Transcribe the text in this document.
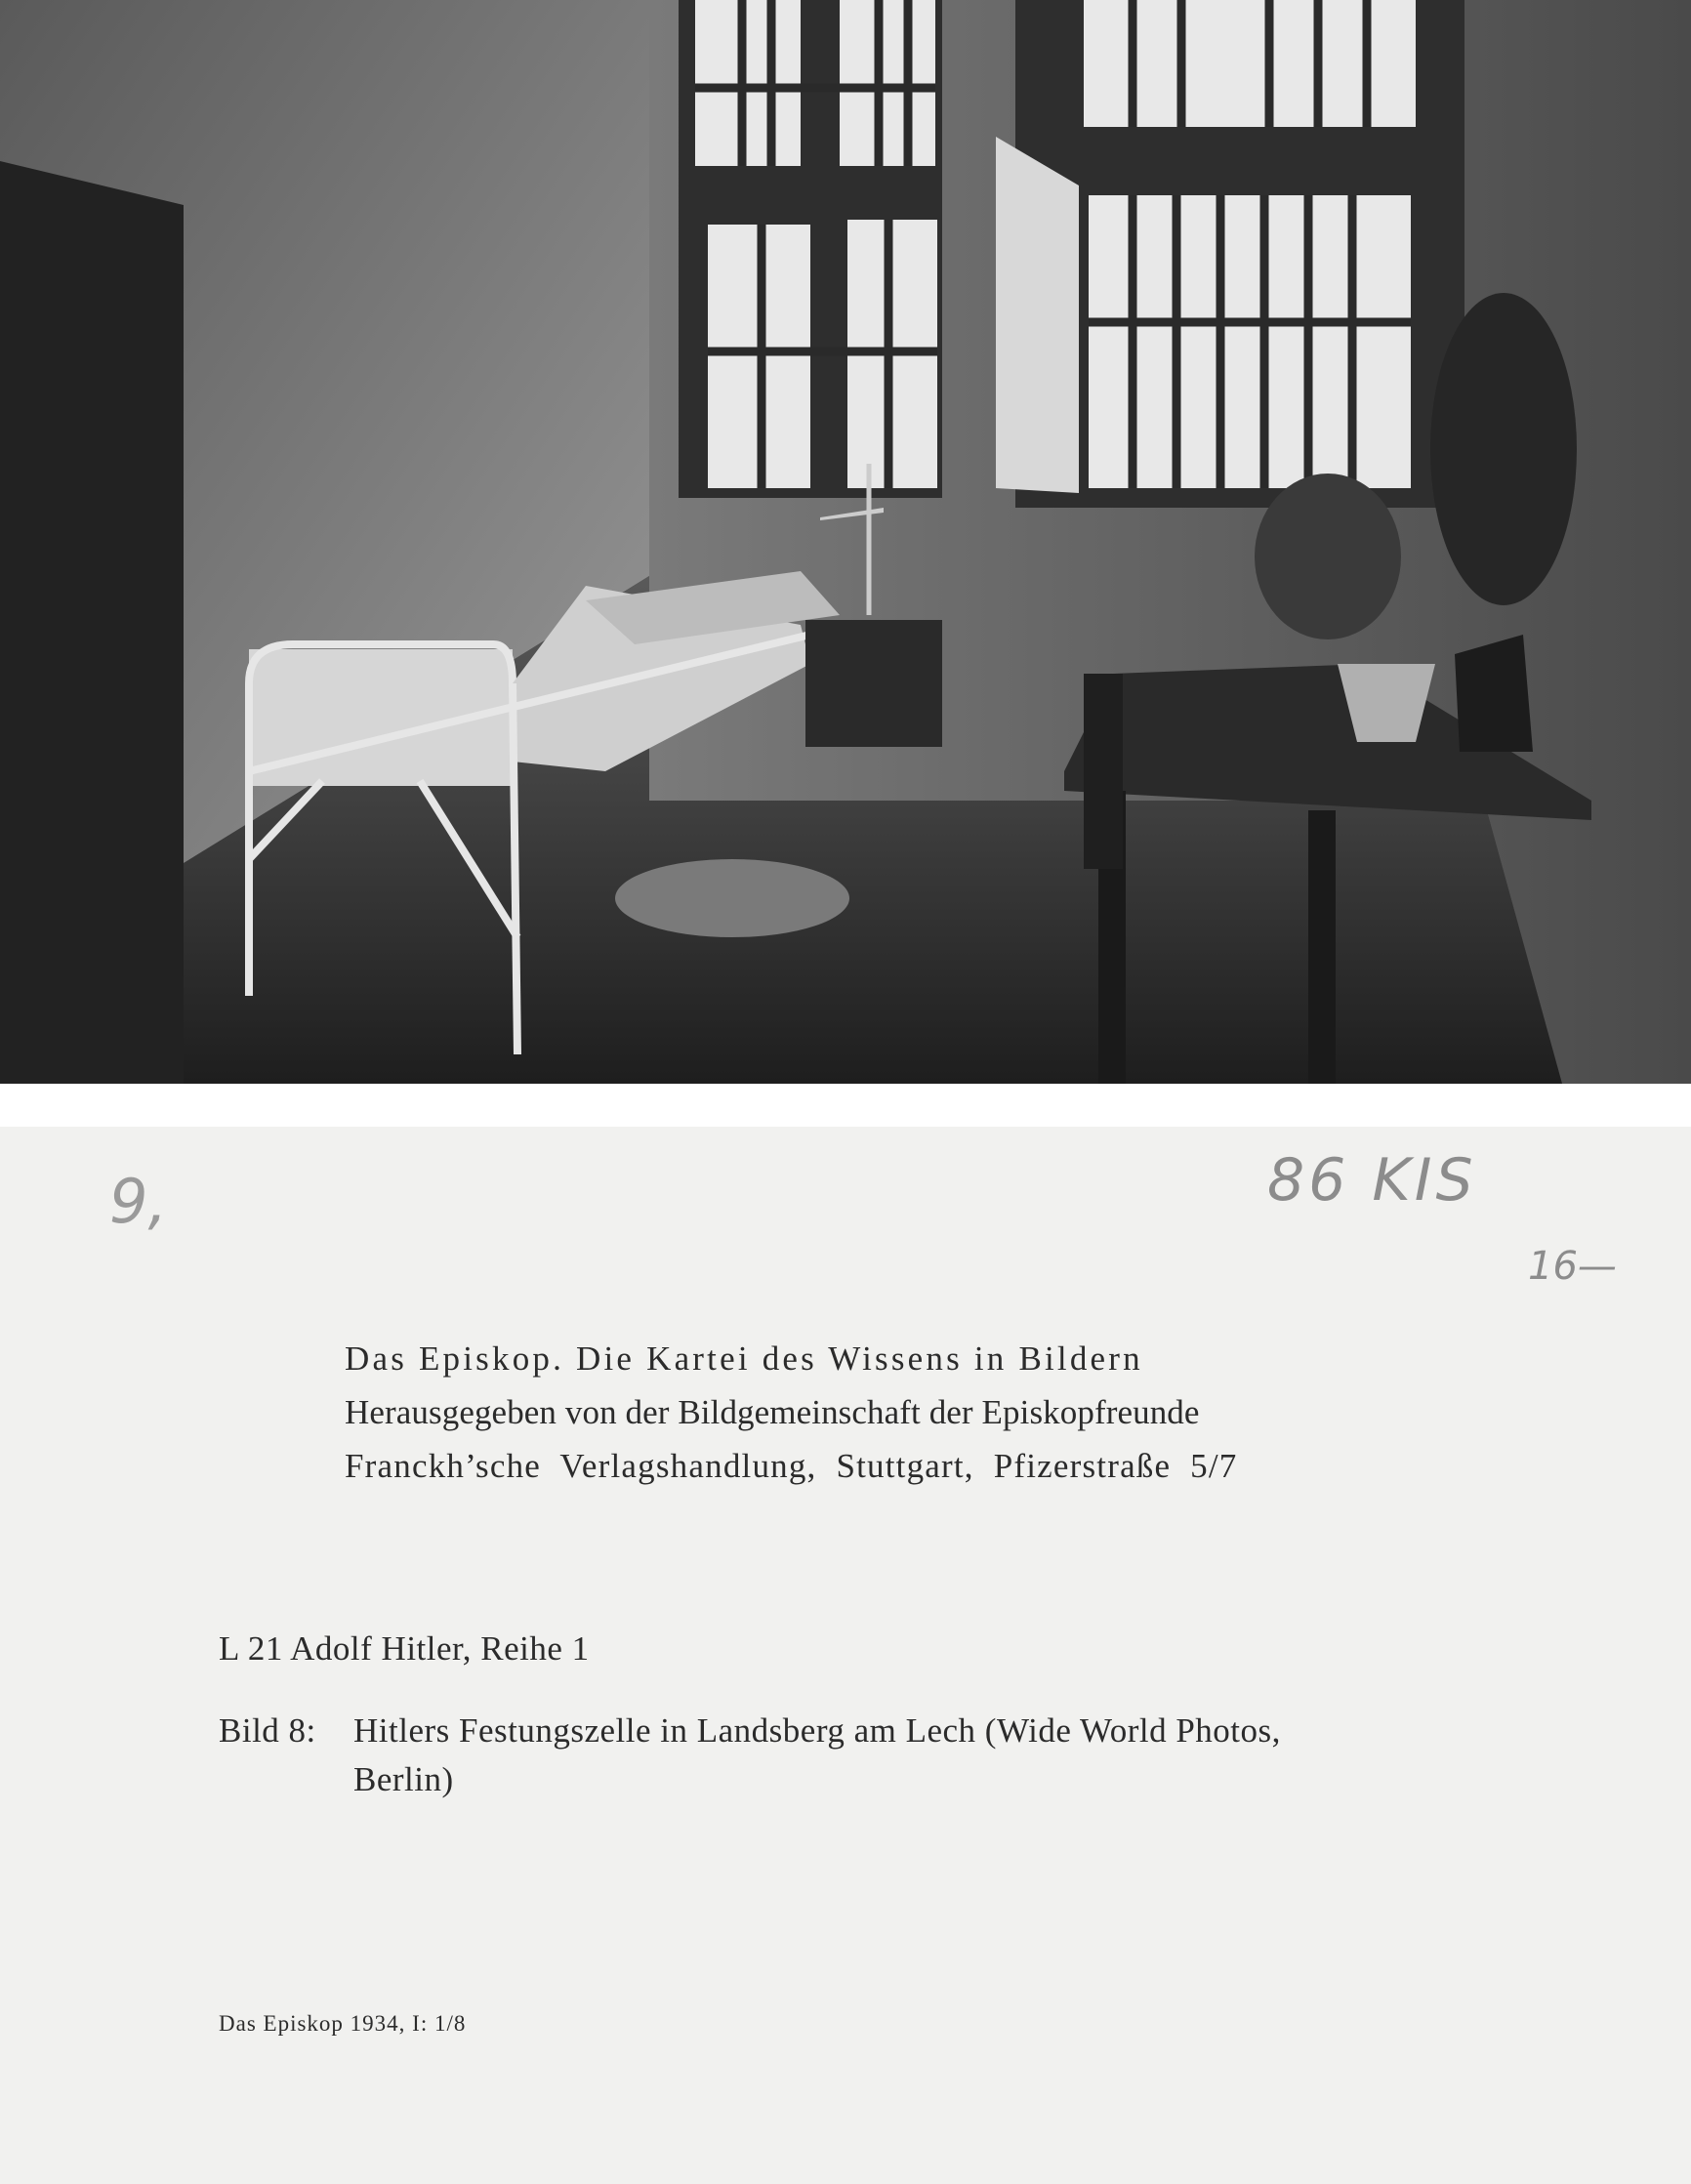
9,	86 KIS
16—
Das Episkop. Die Kartei des Wissens in Bildern
Herausgegeben von der Bildgemeinschaft der Episkopfreunde
Franckh’sche Verlagshandlung, Stuttgart, Pfizerstraße 5/7
L 21 Adolf Hitler, Reihe 1
Bild 8: Hitlers Festungszelle in Landsberg am Lech (Wide World Photos,
Berlin)
Das Episkop 1934, I: 1/8
